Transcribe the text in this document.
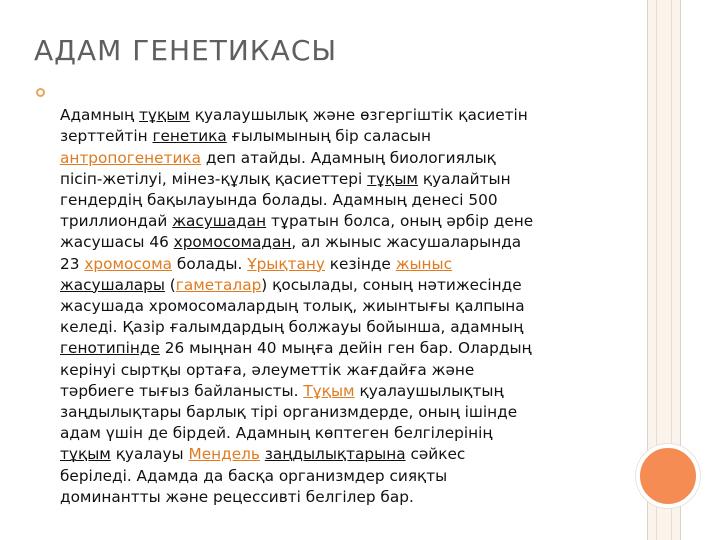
АДАМ ГЕНЕТИКАСЫ

Адамның тұқым қуалаушылық және өзгергіштік қасиетін
зерттейтін генетика ғылымының бір саласын
антропогенетика деп атайды. Адамның биологиялық
пісіп-жетілуі, мінез-құлық қасиеттері тұқым қуалайтын
гендердің бақылауында болады. Адамның денесі 500
триллиондай жасушадан тұратын болса, оның әрбір дене
жасушасы 46 хромосомадан, ал жыныс жасушаларында
23 хромосома болады. Ұрықтану кезінде жыныс
жасушалары (гаметалар) қосылады, соның нәтижесінде
жасушада хромосомалардың толық, жиынтығы қалпына
келеді. Қазір ғалымдардың болжауы бойынша, адамның
генотипінде 26 мыңнан 40 мыңға дейін ген бар. Олардың
керінуі сыртқы ортаға, әлеуметтік жағдайға және
тәрбиеге тығыз байланысты. Тұқым қуалаушылықтың
заңдылықтары барлық тірі организмдерде, оның ішінде
адам үшін де бірдей. Адамның көптеген белгілерінің
тұқым қуалауы Мендель заңдылықтарына сәйкес
беріледі. Адамда да басқа организмдер сияқты
доминантты және рецессивті белгілер бар.
